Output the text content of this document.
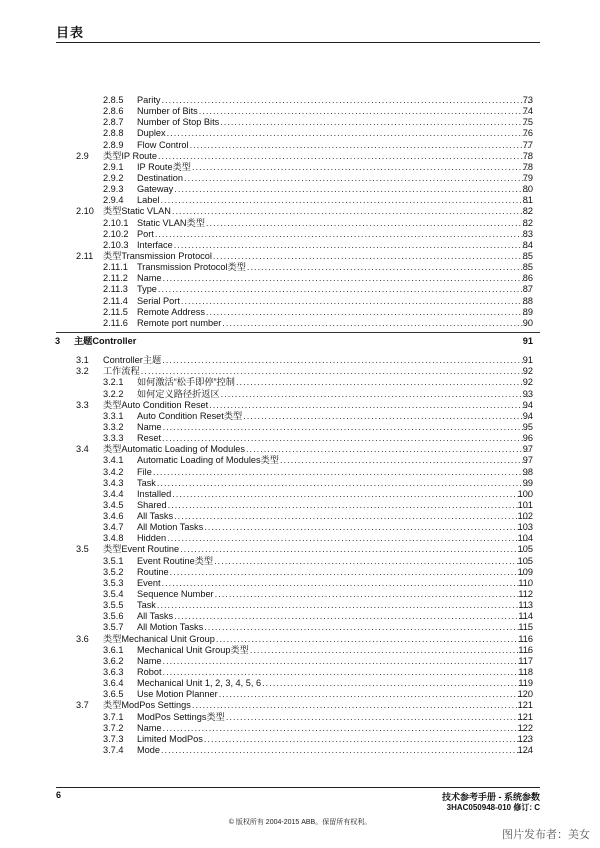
目表
2.8.5 Parity .....	73
2.8.6 Number of Bits .....	74
2.8.7 Number of Stop Bits .....	75
2.8.8 Duplex .....	76
2.8.9 Flow Control .....	77
2.9 类型IP Route .....	78
2.9.1 IP Route类型 .....	78
2.9.2 Destination .....	79
2.9.3 Gateway .....	80
2.9.4 Label .....	81
2.10 类型Static VLAN .....	82
2.10.1 Static VLAN类型 .....	82
2.10.2 Port .....	83
2.10.3 Interface .....	84
2.11 类型Transmission Protocol .....	85
2.11.1 Transmission Protocol类型 .....	85
2.11.2 Name .....	86
2.11.3 Type .....	87
2.11.4 Serial Port .....	88
2.11.5 Remote Address .....	89
2.11.6 Remote port number .....	90
3 主题Controller	91
3.1 Controller主题 .....	91
3.2 工作流程 .....	92
3.2.1 如何激活“松手即停”控制 .....	92
3.2.2 如何定义路径折返区 .....	93
3.3 类型Auto Condition Reset .....	94
3.3.1 Auto Condition Reset类型 .....	94
3.3.2 Name .....	95
3.3.3 Reset .....	96
3.4 类型Automatic Loading of Modules .....	97
3.4.1 Automatic Loading of Modules类型 .....	97
3.4.2 File .....	98
3.4.3 Task .....	99
3.4.4 Installed .....	100
3.4.5 Shared .....	101
3.4.6 All Tasks .....	102
3.4.7 All Motion Tasks .....	103
3.4.8 Hidden .....	104
3.5 类型Event Routine .....	105
3.5.1 Event Routine类型 .....	105
3.5.2 Routine .....	109
3.5.3 Event .....	110
3.5.4 Sequence Number .....	112
3.5.5 Task .....	113
3.5.6 All Tasks .....	114
3.5.7 All Motion Tasks .....	115
3.6 类型Mechanical Unit Group .....	116
3.6.1 Mechanical Unit Group类型 .....	116
3.6.2 Name .....	117
3.6.3 Robot .....	118
3.6.4 Mechanical Unit 1, 2, 3, 4, 5, 6 .....	119
3.6.5 Use Motion Planner .....	120
3.7 类型ModPos Settings .....	121
3.7.1 ModPos Settings类型 .....	121
3.7.2 Name .....	122
3.7.3 Limited ModPos .....	123
3.7.4 Mode .....	124
6	技术参考手册 - 系统参数
3HAC050948-010 修订: C
© 版权所有 2004-2015 ABB。保留所有权利。
图片发布者：美女
